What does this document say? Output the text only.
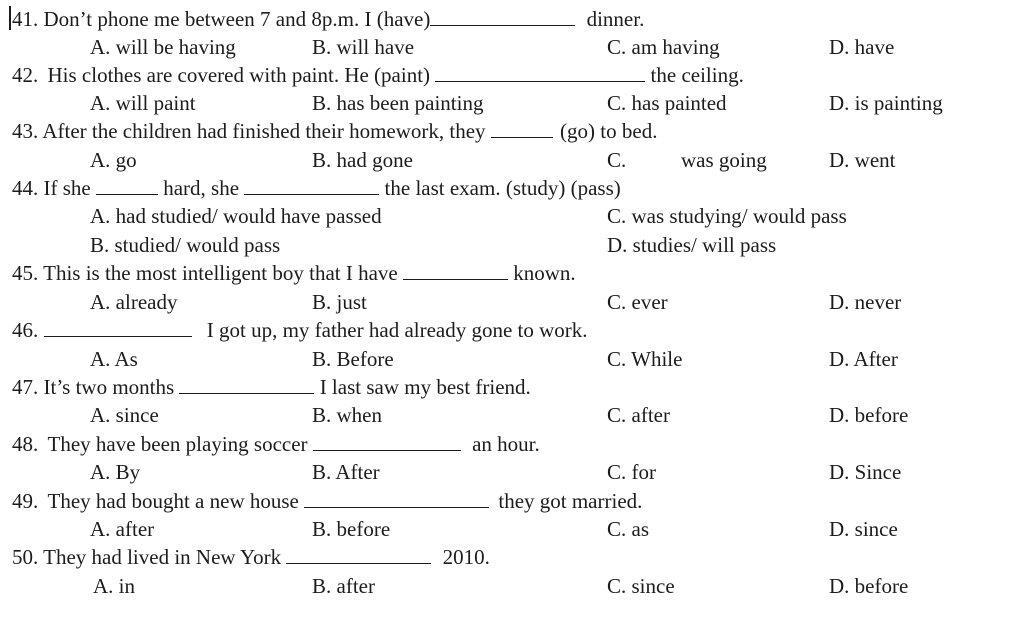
41. Don’t phone me between 7 and 8p.m. I (have)	dinner.
A. will be having	B. will have	C. am having	D. have
42. His clothes are covered with paint. He (paint)	the ceiling.
A. will paint	B. has been painting	C. has painted	D. is painting
43. After the children had finished their homework, they	(go) to bed.
A. go	B. had gone	C.	was going	D. went
44. If she	hard, she	the last exam. (study) (pass)
A. had studied/ would have passed	C. was studying/ would pass
B. studied/ would pass	D. studies/ will pass
45. This is the most intelligent boy that I have	known.
A. already	B. just	C. ever	D. never
46.	I got up, my father had already gone to work.
A. As	B. Before	C. While	D. After
47. It’s two months	I last saw my best friend.
A. since	B. when	C. after	D. before
48. They have been playing soccer	an hour.
A. By	B. After	C. for	D. Since
49. They had bought a new house	they got married.
A. after	B. before	C. as	D. since
50. They had lived in New York	2010.
A. in	B. after	C. since	D. before
